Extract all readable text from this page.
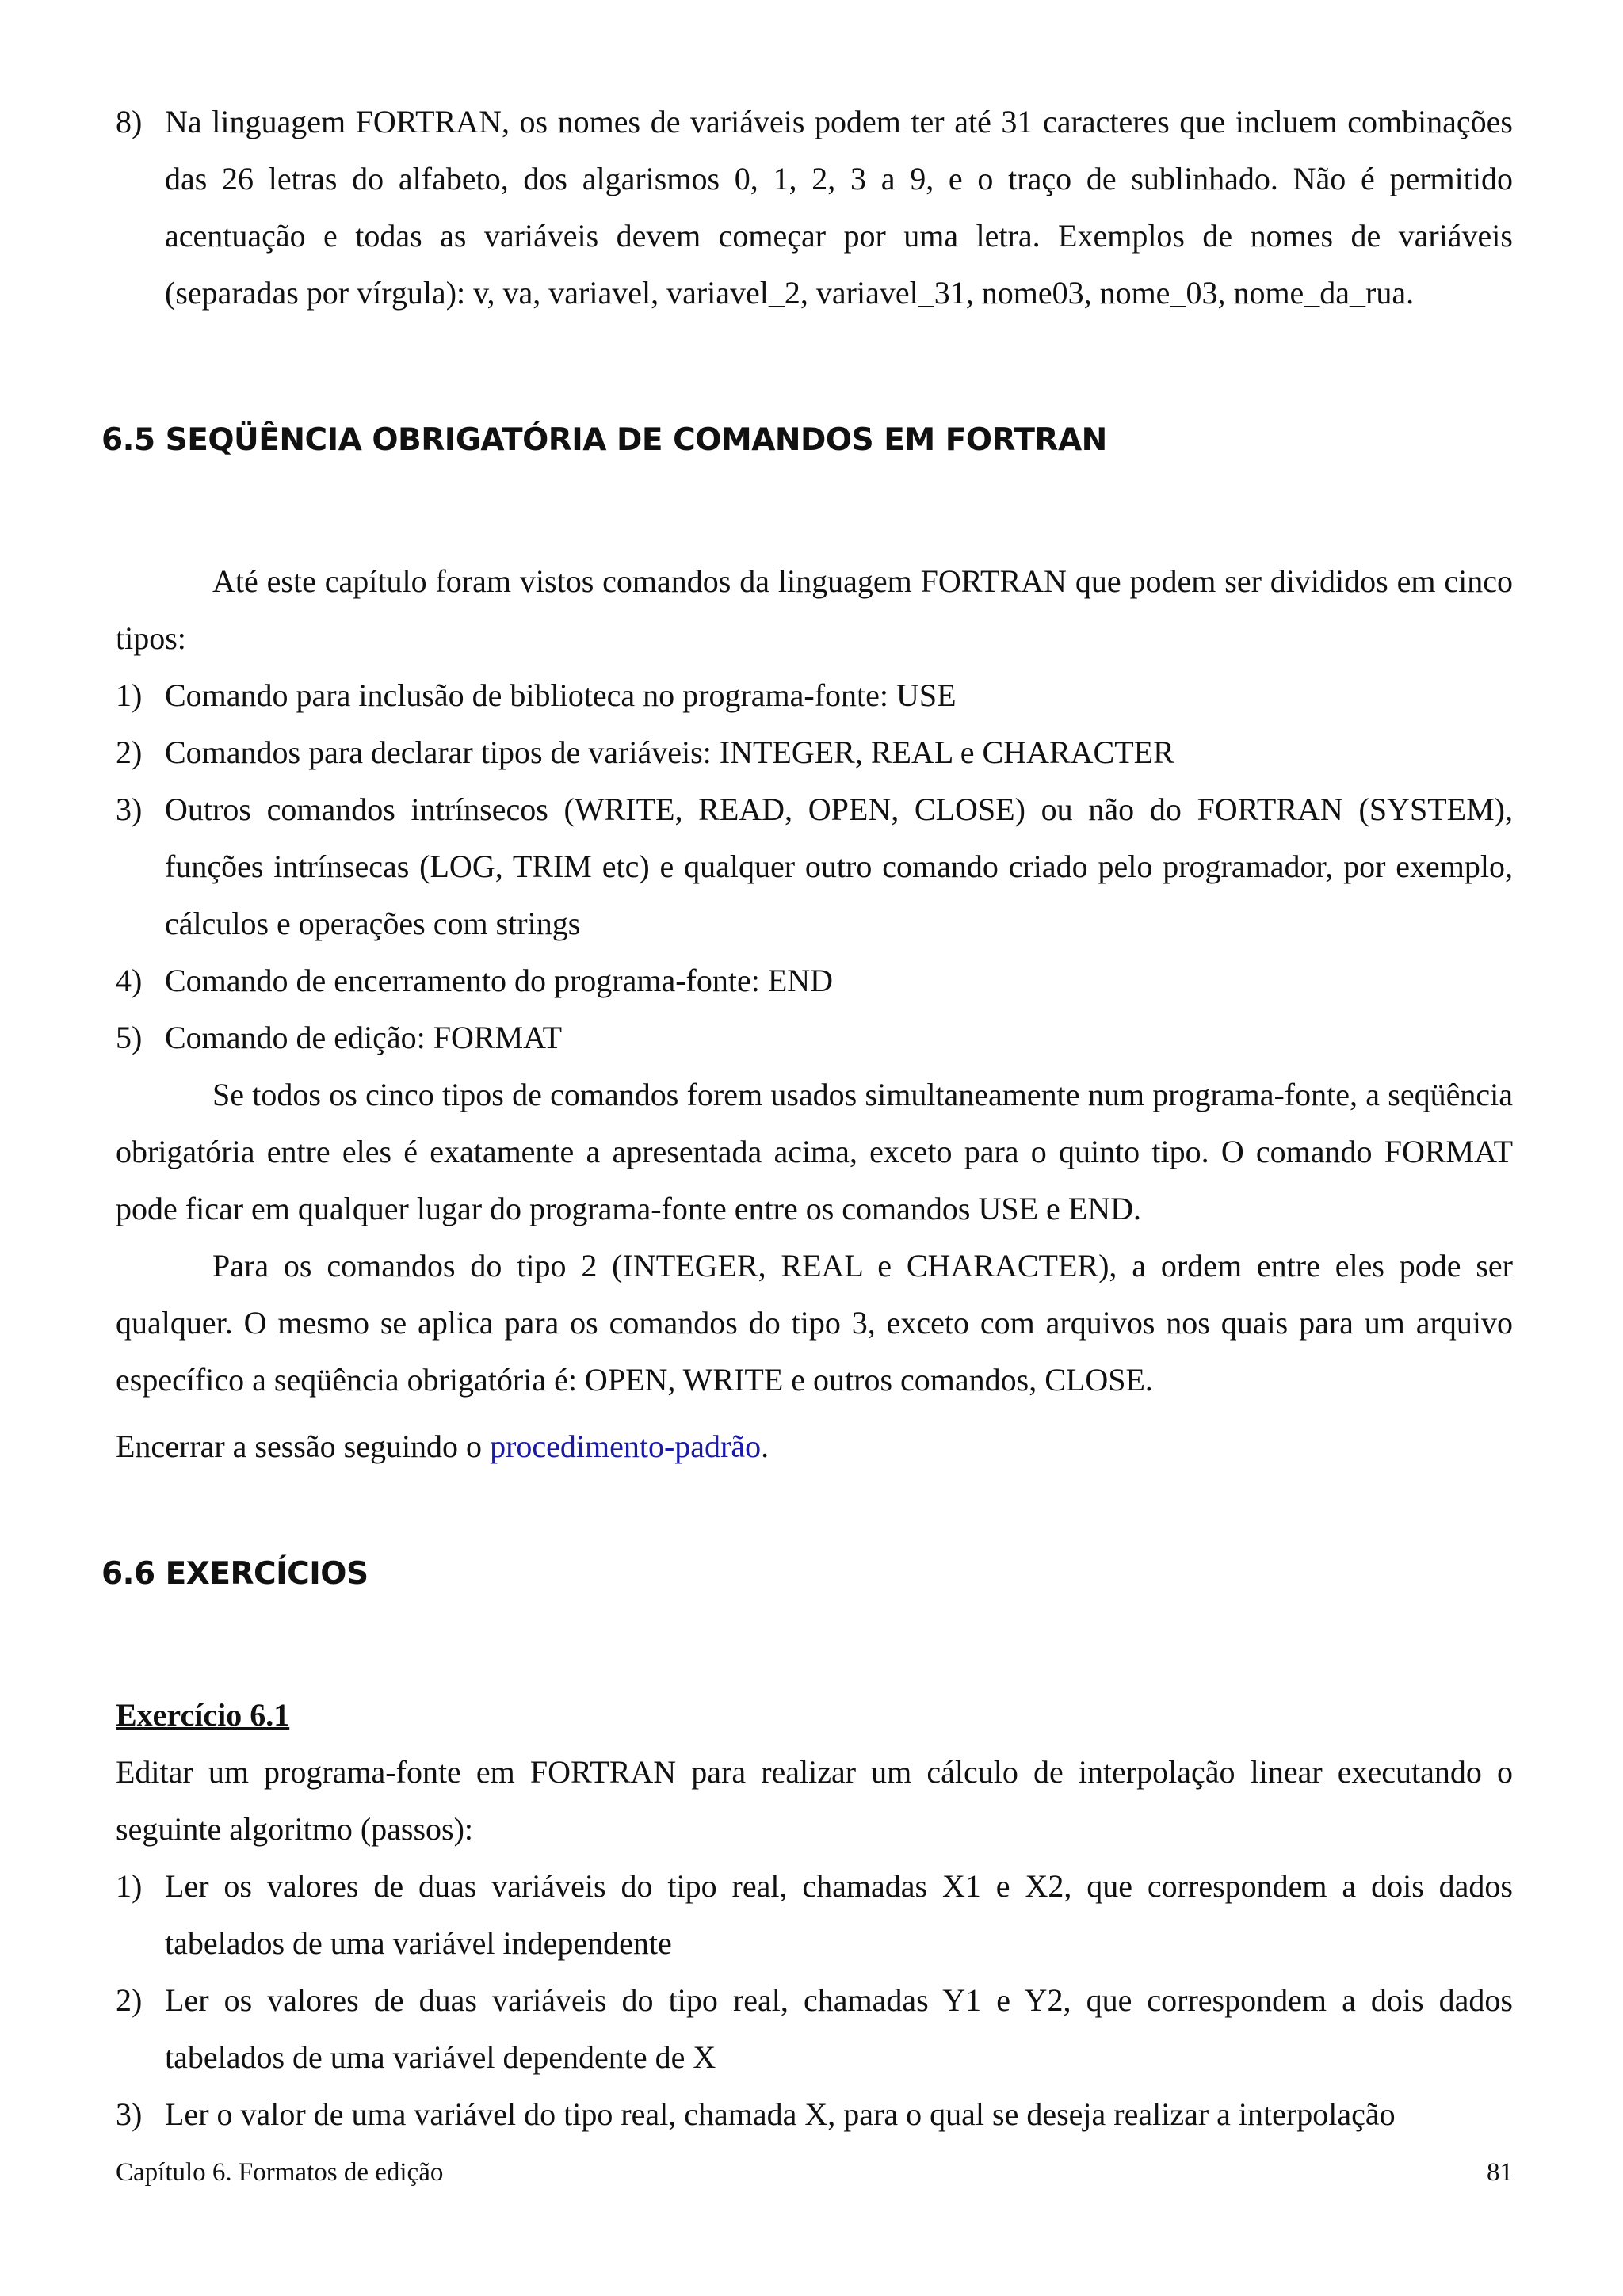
8) Na linguagem FORTRAN, os nomes de variáveis podem ter até 31 caracteres que incluem combinações das 26 letras do alfabeto, dos algarismos 0, 1, 2, 3 a 9, e o traço de sublinhado. Não é permitido acentuação e todas as variáveis devem começar por uma letra. Exemplos de nomes de variáveis (separadas por vírgula): v, va, variavel, variavel_2, variavel_31, nome03, nome_03, nome_da_rua.
6.5 SEQÜÊNCIA OBRIGATÓRIA DE COMANDOS EM FORTRAN

Até este capítulo foram vistos comandos da linguagem FORTRAN que podem ser divididos em cinco tipos:

1) Comando para inclusão de biblioteca no programa-fonte: USE
2) Comandos para declarar tipos de variáveis: INTEGER, REAL e CHARACTER
3) Outros comandos intrínsecos (WRITE, READ, OPEN, CLOSE) ou não do FORTRAN (SYSTEM), funções intrínsecas (LOG, TRIM etc) e qualquer outro comando criado pelo programador, por exemplo, cálculos e operações com strings
4) Comando de encerramento do programa-fonte: END
5) Comando de edição: FORMAT

Se todos os cinco tipos de comandos forem usados simultaneamente num programa-fonte, a seqüência obrigatória entre eles é exatamente a apresentada acima, exceto para o quinto tipo. O comando FORMAT pode ficar em qualquer lugar do programa-fonte entre os comandos USE e END.

Para os comandos do tipo 2 (INTEGER, REAL e CHARACTER), a ordem entre eles pode ser qualquer. O mesmo se aplica para os comandos do tipo 3, exceto com arquivos nos quais para um arquivo específico a seqüência obrigatória é: OPEN, WRITE e outros comandos, CLOSE.

Encerrar a sessão seguindo o procedimento-padrão.

6.6 EXERCÍCIOS

Exercício 6.1

Editar um programa-fonte em FORTRAN para realizar um cálculo de interpolação linear executando o seguinte algoritmo (passos):

1) Ler os valores de duas variáveis do tipo real, chamadas X1 e X2, que correspondem a dois dados tabelados de uma variável independente
2) Ler os valores de duas variáveis do tipo real, chamadas Y1 e Y2, que correspondem a dois dados tabelados de uma variável dependente de X
3) Ler o valor de uma variável do tipo real, chamada X, para o qual se deseja realizar a interpolação
Capítulo 6. Formatos de edição	81
